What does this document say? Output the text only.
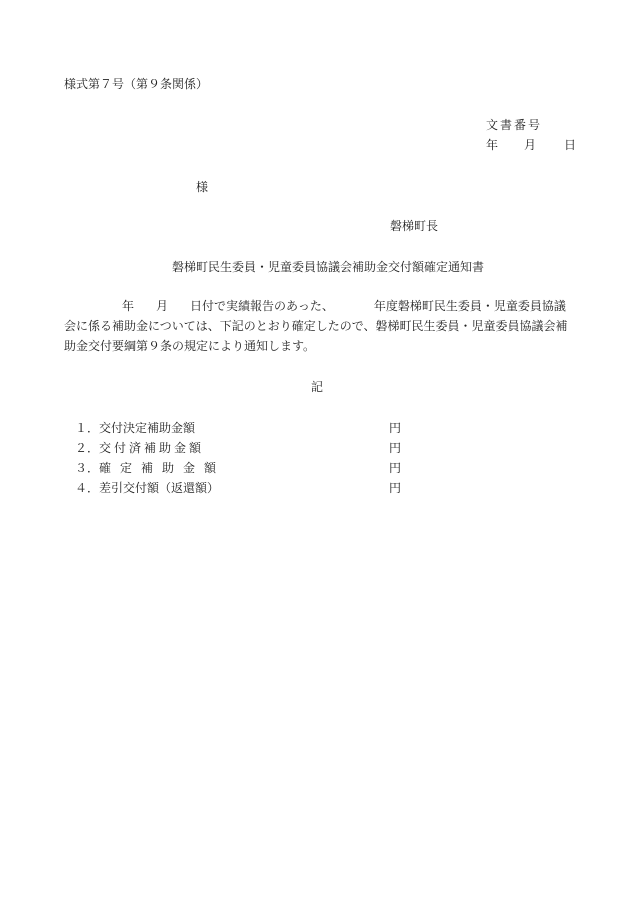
様式第７号（第９条関係）
文書番号
年 月 日
様
磐梯町長
磐梯町民生委員・児童委員協議会補助金交付額確定通知書
年 月 日付で実績報告のあった、	年度磐梯町民生委員・児童委員協議会に係る補助金については、下記のとおり確定したので、磐梯町民生委員・児童委員協議会補助金交付要綱第９条の規定により通知します。
記
１． 交付決定補助金額	円
２． 交付済補助金額	円
３． 確定補助金額	円
４． 差引交付額（返還額）	円
